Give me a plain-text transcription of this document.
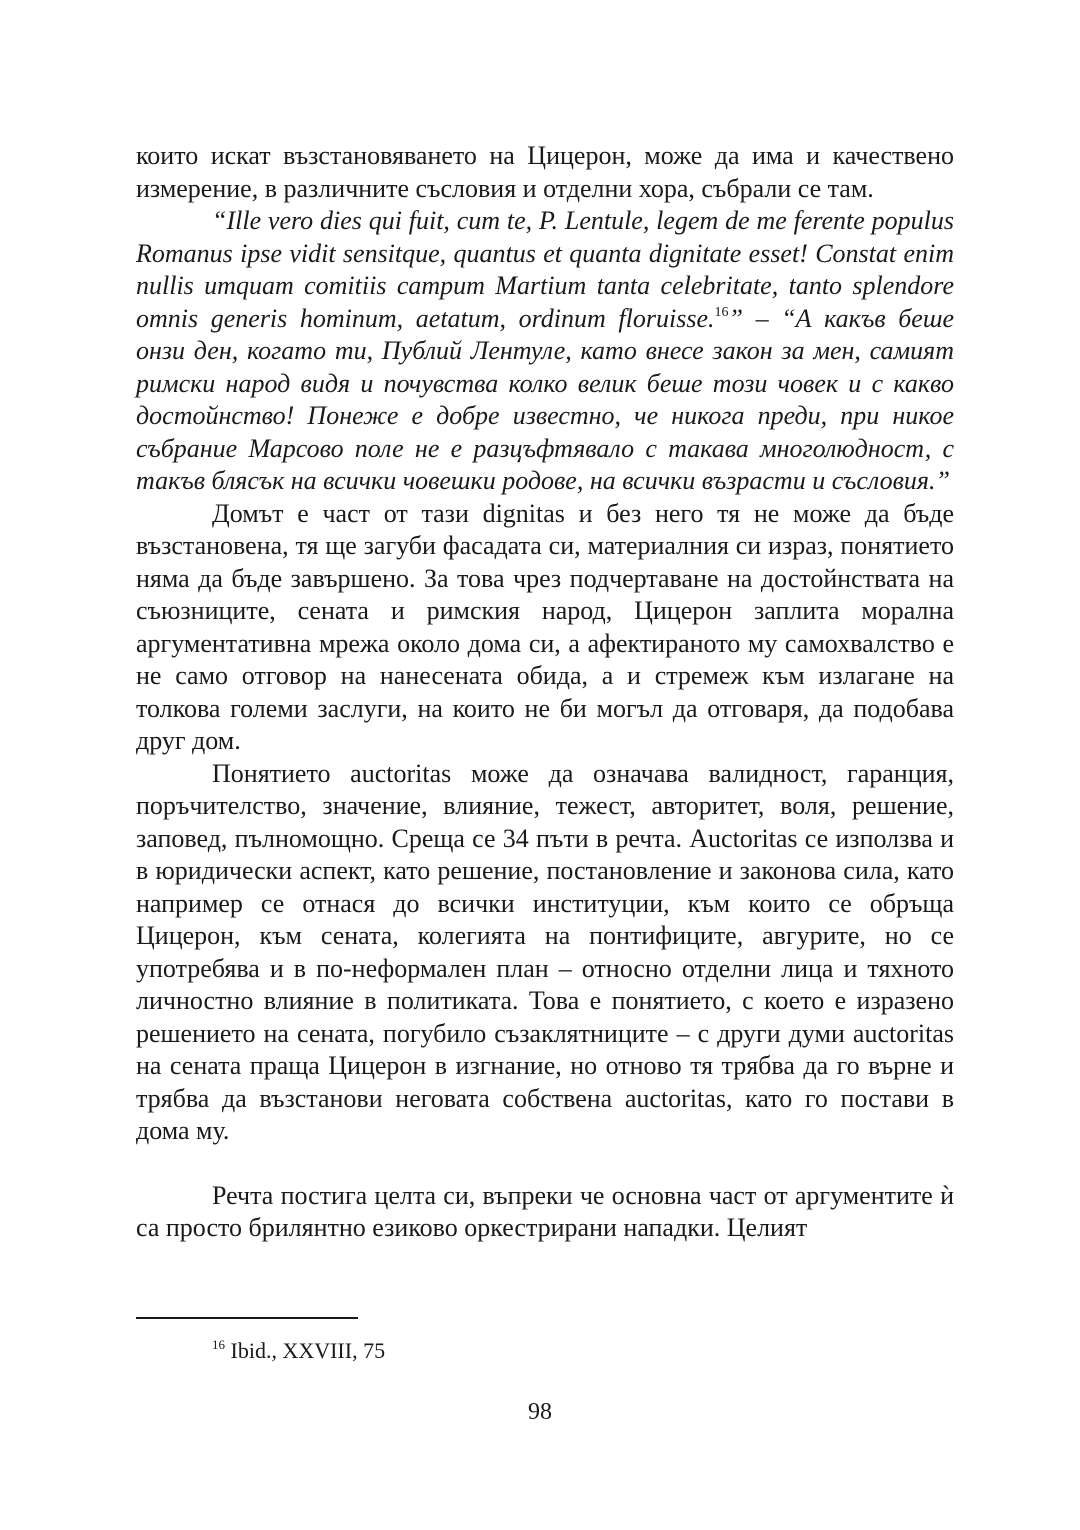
които искат възстановяването на Цицерон, може да има и качествено измерение, в различните съсловия и отделни хора, събрали се там.

“Ille vero dies qui fuit, cum te, P. Lentule, legem de me ferente populus Romanus ipse vidit sensitque, quantus et quanta dignitate esset! Constat enim nullis umquam comitiis campum Martium tanta celebritate, tanto splendore omnis generis hominum, aetatum, ordinum floruisse.$^{16}$” – “А какъв беше онзи ден, когато ти, Публий Лентуле, като внесе закон за мен, самият римски народ видя и почувства колко велик беше този човек и с какво достойнство! Понеже е добре известно, че никога преди, при никое събрание Марсово поле не е разцъфтявало с такава многолюдност, с такъв блясък на всички човешки родове, на всички възрасти и съсловия.”

Домът е част от тази dignitas и без него тя не може да бъде възстановена, тя ще загуби фасадата си, материалния си израз, понятието няма да бъде завършено. За това чрез подчертаване на достойнствата на съюзниците, сената и римския народ, Цицерон заплита морална аргументативна мрежа около дома си, а афектираното му самохвалство е не само отговор на нанесената обида, а и стремеж към излагане на толкова големи заслуги, на които не би могъл да отговаря, да подобава друг дом.

Понятието auctoritas може да означава валидност, гаранция, поръчителство, значение, влияние, тежест, авторитет, воля, решение, заповед, пълномощно. Среща се 34 пъти в речта. Auctoritas се използва и в юридически аспект, като решение, постановление и законова сила, като например се отнася до всички институции, към които се обръща Цицерон, към сената, колегията на понтифиците, авгурите, но се употребява и в по-неформален план – относно отделни лица и тяхното личностно влияние в политиката. Това е понятието, с което е изразено решението на сената, погубило съзаклятниците – с други думи auctoritas на сената праща Цицерон в изгнание, но отново тя трябва да го върне и трябва да възстанови неговата собствена auctoritas, като го постави в дома му.

Речта постига целта си, въпреки че основна част от аргументите ѝ са просто брилянтно езиково оркестрирани нападки. Целият

$^{16}$ Ibid., XXVIII, 75
98
